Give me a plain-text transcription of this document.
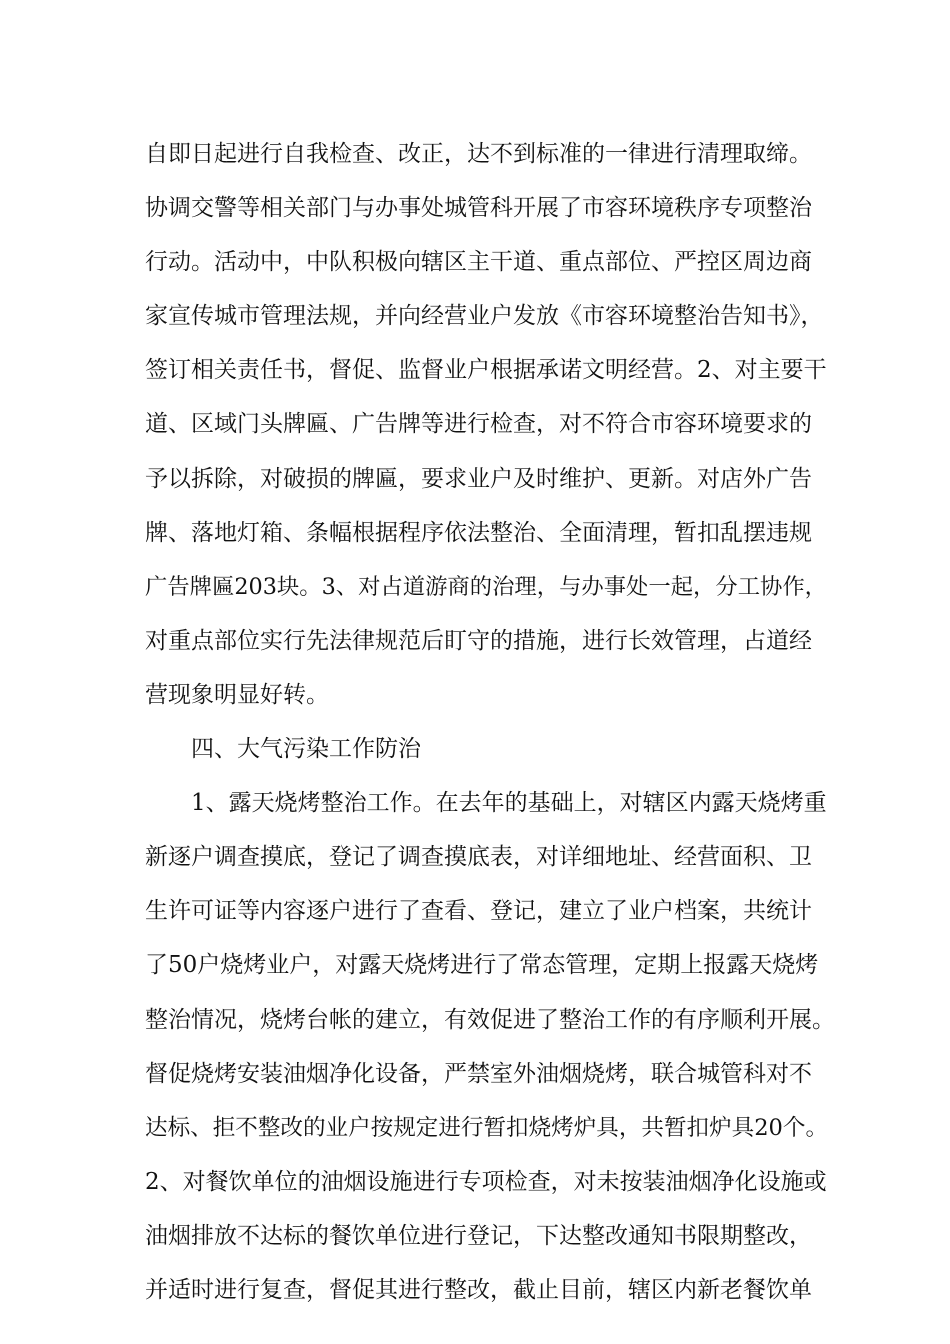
自即日起进行自我检查、改正，达不到标准的一律进行清理取缔。
协调交警等相关部门与办事处城管科开展了市容环境秩序专项整治
行动。活动中，中队积极向辖区主干道、重点部位、严控区周边商
家宣传城市管理法规，并向经营业户发放《市容环境整治告知书》，
签订相关责任书，督促、监督业户根据承诺文明经营。2、对主要干
道、区域门头牌匾、广告牌等进行检查，对不符合市容环境要求的
予以拆除，对破损的牌匾，要求业户及时维护、更新。对店外广告
牌、落地灯箱、条幅根据程序依法整治、全面清理，暂扣乱摆违规
广告牌匾203块。3、对占道游商的治理，与办事处一起，分工协作，
对重点部位实行先法律规范后盯守的措施，进行长效管理，占道经
营现象明显好转。
四、大气污染工作防治
1、露天烧烤整治工作。在去年的基础上，对辖区内露天烧烤重
新逐户调查摸底，登记了调查摸底表，对详细地址、经营面积、卫
生许可证等内容逐户进行了查看、登记，建立了业户档案，共统计
了50户烧烤业户，对露天烧烤进行了常态管理，定期上报露天烧烤
整治情况，烧烤台帐的建立，有效促进了整治工作的有序顺利开展。
督促烧烤安装油烟净化设备，严禁室外油烟烧烤，联合城管科对不
达标、拒不整改的业户按规定进行暂扣烧烤炉具，共暂扣炉具20个。
2、对餐饮单位的油烟设施进行专项检查，对未按装油烟净化设施或
油烟排放不达标的餐饮单位进行登记，下达整改通知书限期整改，
并适时进行复查，督促其进行整改，截止目前，辖区内新老餐饮单
